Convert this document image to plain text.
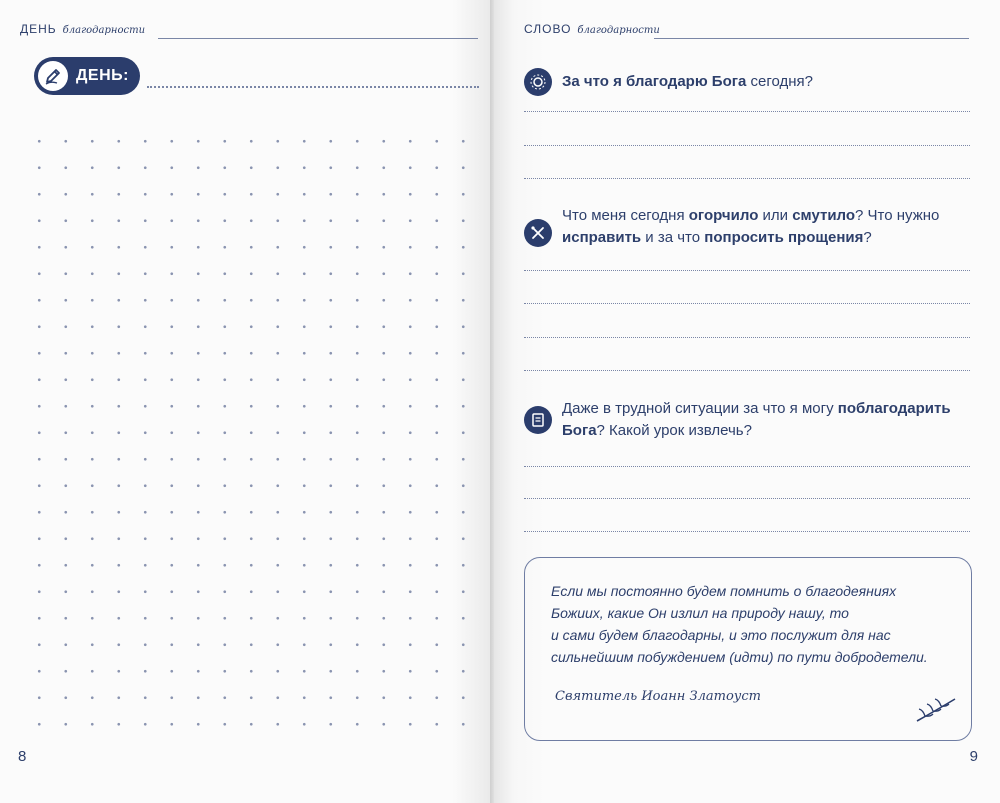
ДЕНЬ благодарности
ДЕНЬ:
8
СЛОВО благодарности
За что я благодарю Бога сегодня?
Что меня сегодня огорчило или смутило? Что нужно исправить и за что попросить прощения?
Даже в трудной ситуации за что я могу поблагодарить Бога? Какой урок извлечь?
Если мы постоянно будем помнить о благодеяниях
Божиих, какие Он излил на природу нашу, то
и сами будем благодарны, и это послужит для нас
сильнейшим побуждением (идти) по пути добродетели.
Святитель Иоанн Златоуст
9
